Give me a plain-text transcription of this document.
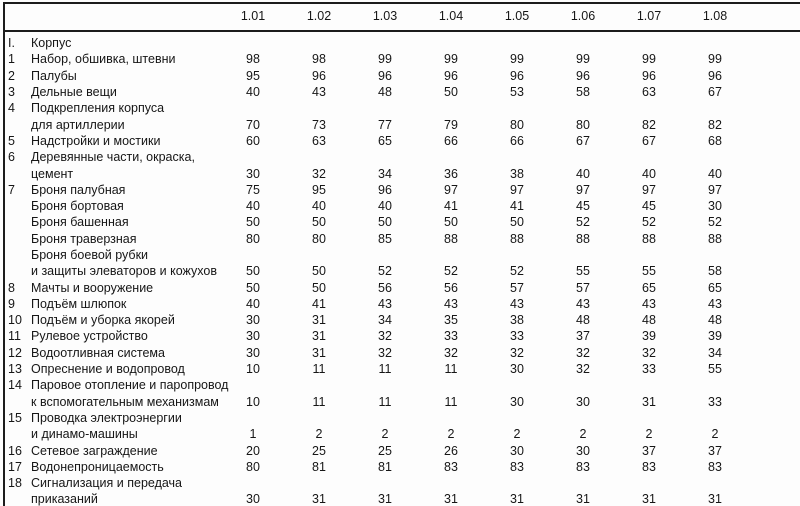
1.01	1.02	1.03	1.04	1.05	1.06	1.07	1.08
I.	Корпус
1	Набор, обшивка, штевни	98	98	99	99	99	99	99	99
2	Палубы	95	96	96	96	96	96	96	96
3	Дельные вещи	40	43	48	50	53	58	63	67
4	Подкрепления корпуса
для артиллерии	70	73	77	79	80	80	82	82
5	Надстройки и мостики	60	63	65	66	66	67	67	68
6	Деревянные части, окраска,
цемент	30	32	34	36	38	40	40	40
7	Броня палубная	75	95	96	97	97	97	97	97
Броня бортовая	40	40	40	41	41	45	45	30
Броня башенная	50	50	50	50	50	52	52	52
Броня траверзная	80	80	85	88	88	88	88	88
Броня боевой рубки
и защиты элеваторов и кожухов	50	50	52	52	52	55	55	58
8	Мачты и вооружение	50	50	56	56	57	57	65	65
9	Подъём шлюпок	40	41	43	43	43	43	43	43
10 Подъём и уборка якорей	30	31	34	35	38	48	48	48
11 Рулевое устройство	30	31	32	33	33	37	39	39
12 Водоотливная система	30	31	32	32	32	32	32	34
13 Опреснение и водопровод	10	11	11	11	30	32	33	55
14 Паровое отопление и паропровод
к вспомогательным механизмам	10	11	11	11	30	30	31	33
15 Проводка электроэнергии
и динамо-машины	1	2	2	2	2	2	2	2
16 Сетевое заграждение	20	25	25	26	30	30	37	37
17 Водонепроницаемость	80	81	81	83	83	83	83	83
18 Сигнализация и передача
приказаний	30	31	31	31	31	31	31	31
